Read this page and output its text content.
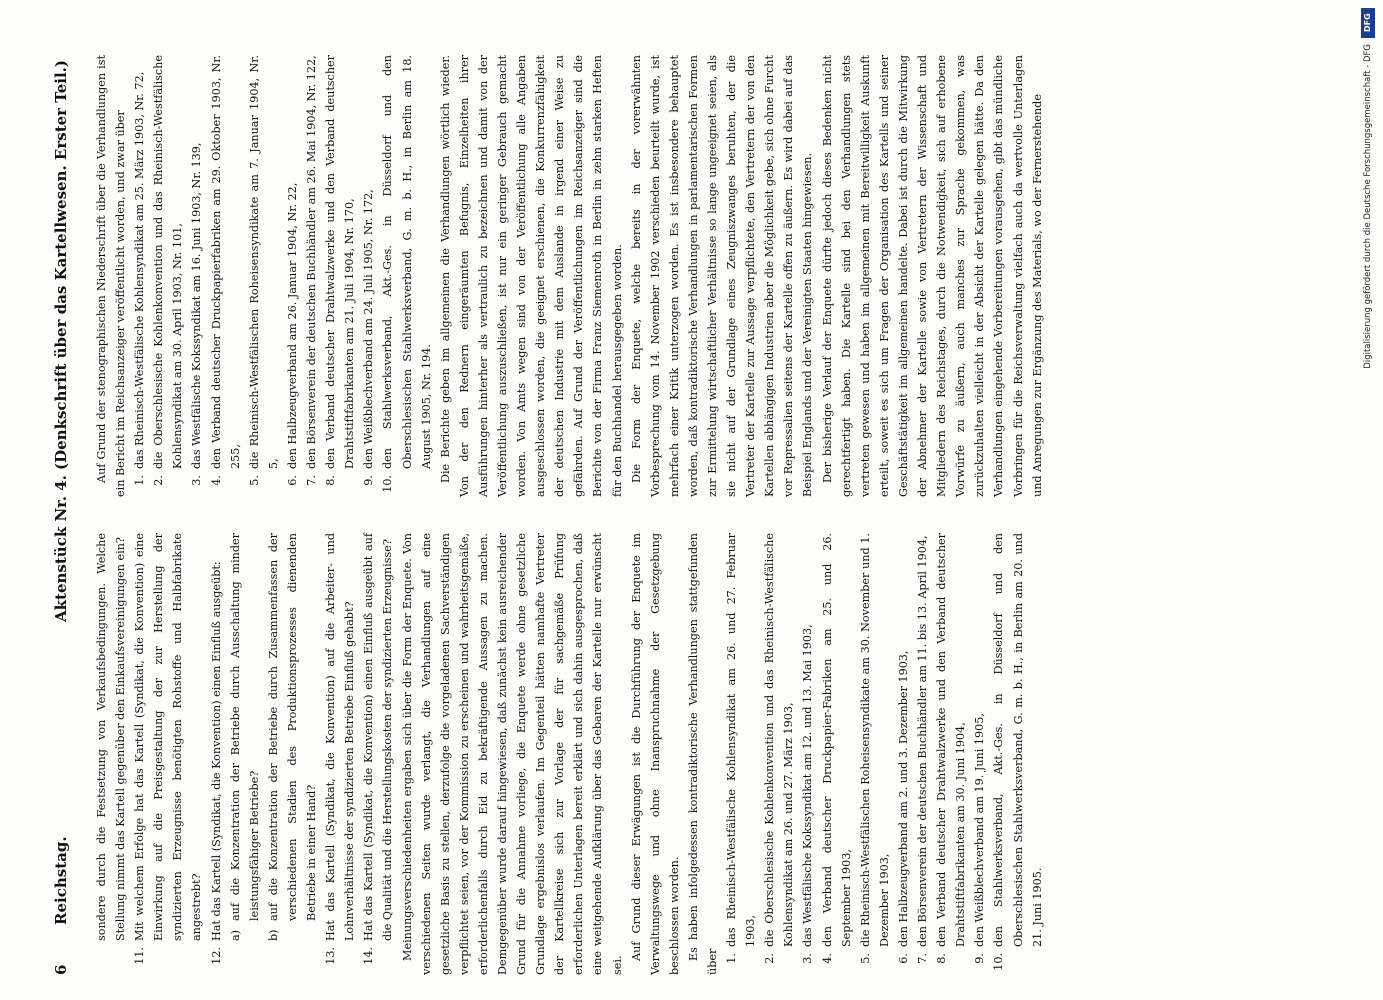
6
Reichstag.
Aktenstück Nr. 4. (Denkschrift über das Kartellwesen. Erster Teil.)

sondere durch die Festsetzung von Verkaufsbedingungen. Welche Stellung nimmt das Kartell gegenüber den Einkaufsvereinigungen ein?

11.
Mit welchem Erfolge hat das Kartell (Syndikat, die Konvention) eine Einwirkung auf die Preisgestaltung der zur Herstellung der syndizierten Erzeugnisse benötigten Rohstoffe und Halbfabrikate angestrebt?
12.
Hat das Kartell (Syndikat, die Konvention) einen Einfluß ausgeübt: a)
auf die Konzentration der Betriebe durch Ausschaltung minder leistungsfähiger Betriebe?
b)
auf die Konzentration der Betriebe durch Zusammenfassen der verschiedenen Stadien des Produktionsprozesses dienenden Betriebe in einer Hand?
13.
Hat das Kartell (Syndikat, die Konvention) auf die Arbeiter- und Lohnverhältnisse der syndizierten Betriebe Einfluß gehabt?
14.
Hat das Kartell (Syndikat, die Konvention) einen Einfluß ausgeübt auf die Qualität und die Herstellungskosten der syndizierten Erzeugnisse? Meinungsverschiedenheiten ergaben sich über die Form der Enquete. Von verschiedenen Seiten wurde verlangt, die Verhandlungen auf eine gesetzliche Basis zu stellen, derzufolge die vorgeladenen Sachverständigen verpflichtet seien, vor der Kommission zu erscheinen und wahrheitsgemäße, erforderlichenfalls durch Eid zu bekräftigende Aussagen zu machen. Demgegenüber wurde darauf hingewiesen, daß zunächst kein ausreichender Grund für die Annahme vorliege, die Enquete werde ohne gesetzliche Grundlage ergebnislos verlaufen. Im Gegenteil hätten namhafte Vertreter der Kartellkreise sich zur Vorlage der für sachgemäße Prüfung erforderlichen Unterlagen bereit erklärt und sich dahin ausgesprochen, daß eine weitgehende Aufklärung über das Gebaren der Kartelle nur erwünscht sei.

Auf Grund dieser Erwägungen ist die Durchführung der Enquete im Verwaltungswege und ohne Inanspruchnahme der Gesetzgebung beschlossen worden. Es haben infolgedessen kontradiktorische Verhandlungen stattgefunden über 1.
das Rheinisch-Westfälische Kohlensyndikat am 26. und 27. Februar 1903,
2.
die Oberschlesische Kohlenkonvention und das Rheinisch-Westfälische Kohlensyndikat am 26. und 27. März 1903,
3.
das Westfälische Kokssyndikat am 12. und 13. Mai 1903,
4.
den Verband deutscher Druckpapier-Fabriken am 25. und 26. September 1903,
5.
die Rheinisch-Westfälischen Roheisensyndikate am 30. November und 1. Dezember 1903,
6.
den Halbzeugverband am 2. und 3. Dezember 1903,
7.
den Börsenverein der deutschen Buchhändler am 11. bis 13. April 1904,
8.
den Verband deutscher Drahtwalzwerke und den Verband deutscher Drahtstiftfabrikanten am 30. Juni 1904,
9.
den Weißblechverband am 19. Juni 1905,
10.
den Stahlwerksverband, Akt.-Ges. in Düsseldorf und den Oberschlesischen Stahlwerksverband, G. m. b. H., in Berlin am 20. und 21. Juni 1905.

Auf Grund der stenographischen Niederschrift über die Verhandlungen ist ein Bericht im Reichsanzeiger veröffentlicht worden, und zwar über 1.
das Rheinisch-Westfälische Kohlensyndikat am 25. März 1903, Nr. 72,
2.
die Oberschlesische Kohlenkonvention und das Rheinisch-Westfälische Kohlensyndikat am 30. April 1903, Nr. 101,
3.
das Westfälische Kokssyndikat am 16. Juni 1903, Nr. 139,
4.
den Verband deutscher Druckpapierfabriken am 29. Oktober 1903, Nr. 255,
5.
die Rheinisch-Westfälischen Roheisensyndikate am 7. Januar 1904, Nr. 5,
6.
den Halbzeugverband am 26. Januar 1904, Nr. 22,
7.
den Börsenverein der deutschen Buchhändler am 26. Mai 1904, Nr. 122,
8.
den Verband deutscher Drahtwalzwerke und den Verband deutscher Drahtstiftfabrikanten am 21. Juli 1904, Nr. 170,
9.
den Weißblechverband am 24. Juli 1905, Nr. 172,
10.
den Stahlwerksverband, Akt.-Ges. in Düsseldorf und den Oberschlesischen Stahlwerksverband, G. m. b. H., in Berlin am 18. August 1905, Nr. 194. Die Berichte geben im allgemeinen die Verhandlungen wörtlich wieder. Von der den Rednern eingeräumten Befugnis, Einzelheiten ihrer Ausführungen hinterher als vertraulich zu bezeichnen und damit von der Veröffentlichung auszuschließen, ist nur ein geringer Gebrauch gemacht worden. Von Amts wegen sind von der Veröffentlichung alle Angaben ausgeschlossen worden, die geeignet erschienen, die Konkurrenzfähigkeit der deutschen Industrie mit dem Auslande in irgend einer Weise zu gefährden. Auf Grund der Veröffentlichungen im Reichsanzeiger sind die Berichte von der Firma Franz Siemenroth in Berlin in zehn starken Heften für den Buchhandel herausgegeben worden. Die Form der Enquete, welche bereits in der vorerwähnten Vorbesprechung vom 14. November 1902 verschieden beurteilt wurde, ist mehrfach einer Kritik unterzogen worden. Es ist insbesondere behauptet worden, daß kontradiktorische Verhandlungen in parlamentarischen Formen zur Ermittelung wirtschaftlicher Verhältnisse so lange ungeeignet seien, als sie nicht auf der Grundlage eines Zeugniszwanges beruhten, der die Vertreter der Kartelle zur Aussage verpflichtete, den Vertretern der von den Kartellen abhängigen Industrien aber die Möglichkeit gebe, sich ohne Furcht vor Repressalien seitens der Kartelle offen zu äußern. Es wird dabei auf das Beispiel Englands und der Vereinigten Staaten hingewiesen. Der bisherige Verlauf der Enquete dürfte jedoch dieses Bedenken nicht gerechtfertigt haben. Die Kartelle sind bei den Verhandlungen stets vertreten gewesen und haben im allgemeinen mit Bereitwilligkeit Auskunft erteilt, soweit es sich um Fragen der Organisation des Kartells und seiner Geschäftstätigkeit im allgemeinen handelte. Dabei ist durch die Mitwirkung der Abnehmer der Kartelle sowie von Vertretern der Wissenschaft und Mitgliedern des Reichstages, durch die Notwendigkeit, sich auf erhobene Vorwürfe zu äußern, auch manches zur Sprache gekommen, was zurückzuhalten vielleicht in der Absicht der Kartelle gelegen hätte. Da den Verhandlungen eingehende Vorbereitungen vorausgehen, gibt das mündliche Vorbringen für die Reichsverwaltung vielfach auch da wertvolle Unterlagen und Anregungen zur Ergänzung des Materials, wo der Fernerstehende

DFG
Digitalisierung gefördert durch die Deutsche Forschungsgemeinschaft - DFG
